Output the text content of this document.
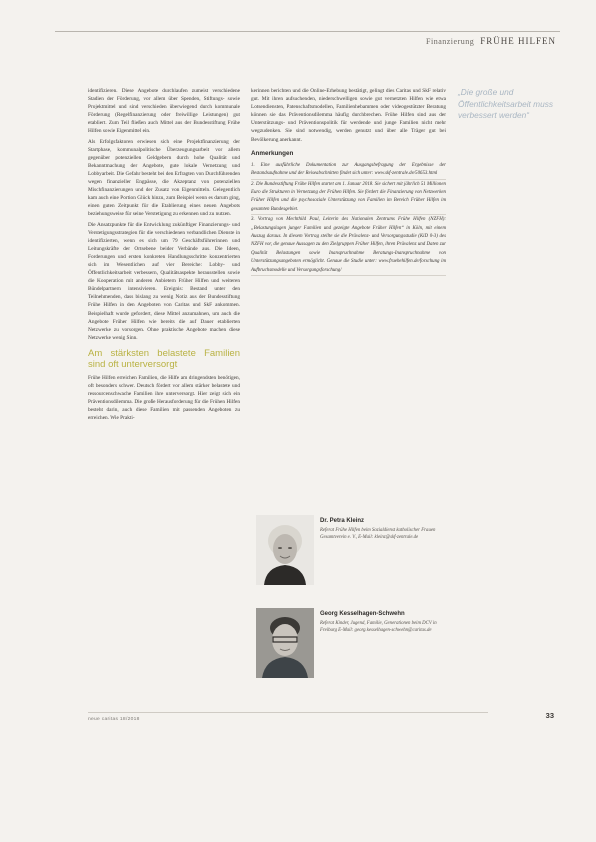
Finanzierung FRÜHE HILFEN

identifizieren. Diese Angebote durchlaufen zumeist verschiedene Stadien der Förderung, vor allem über Spenden, Stiftungs- sowie Projektmittel und sind verschieden überwiegend durch kommunale Förderung (Regelfinanzierung oder freiwillige Leistungen) gut etabliert. Zum Teil fließen auch Mittel aus der Bundesstiftung Frühe Hilfen sowie Eigenmittel ein.

Als Erfolgsfaktoren erwiesen sich eine Projektfinanzierung der Startphase, kommunalpolitische Überzeugungsarbeit vor allem gegenüber potenziellen Geldgebern durch hohe Qualität und Bekanntmachung der Angebote, gute lokale Vernetzung und Lobbyarbeit. Die Gefahr besteht bei den Erfragten von Durchführenden wegen finanzieller Engpässe, die Akzeptanz von potenziellen Mischfinanzierungen und der Zusatz von Eigenmitteln. Gelegentlich kam auch eine Portion Glück hinzu, zum Beispiel wenn es darum ging, einen guten Zeitpunkt für die Etablierung eines neuen Angebots beziehungsweise für seine Verstetigung zu erkennen und zu nutzen.

Die Ansatzpunkte für die Entwicklung zukünftiger Finanzierungs- und Verstetigungsstrategien für die verschiedenen verbandlichen Dienste in identifizierten, wenn es sich um 79 Geschäftsführerinnen und Leitungskräfte der Ortsebene beider Verbände aus. Die Ideen, Forderungen und ersten konkreten Handlungsschritte konzentrierten sich im Wesentlichen auf vier Bereiche: Lobby- und Öffentlichkeitsarbeit verbessern, Qualitätsaspekte herausstellen sowie die Kooperation mit anderen Anbietern Früher Hilfen und weiteren Bündelpartnern intensivieren. Ereignis: Bestand unter den Teilnehmenden, dass bislang zu wenig Notiz aus der Bundesstiftung Frühe Hilfen in den Angeboten von Caritas und SkF ankommen. Beispielhaft wurde gefordert, diese Mittel anzumahnen, um auch die Angebote Früher Hilfen wie bereits die auf Dauer etablierten Netzwerke zu vorsorgen. Ohne praktische Angebote machen diese Netzwerke wenig Sinn.

Am stärksten belastete Familien sind oft unterversorgt

Frühe Hilfen erreichen Familien, die Hilfe am dringendsten benötigen, oft besonders schwer. Deutsch fördert vor allem stärker belastete und ressourcenschwache Familien ihre unterversorgt. Hier zeigt sich ein Präventionsdilemma. Die große Herausforderung für die Frühen Hilfen besteht darin, auch diese Familien mit passenden Angeboten zu erreichen. Wie Prakti-

kerinnen berichten und die Online-Erhebung bestätigt, gelingt dies Caritas und SkF relativ gut. Mit ihren aufsuchenden, niederschwelligen sowie gut vernetzten Hilfen wie etwa Lotsendiensten, Patenschaftsmodellen, Familienhebammen oder videogestützter Beratung können sie das Präventionsdilemma häufig durchbrechen. Frühe Hilfen sind aus der Unterstützungs- und Präventionspolitik für werdende und junge Familien nicht mehr wegzudenken. Sie sind notwendig, werden genutzt und über alle Träger gut bei Bevölkerung anerkannt.

Anmerkungen

1. Eine ausführliche Dokumentation zur Ausgangsbefragung der Ergebnisse der Bestandsaufnahme und der Reiseabschnitten findet sich unter: www.skf-zentrale.de/50653.html

2. Die Bundesstiftung Frühe Hilfen startet am 1. Januar 2018. Sie sichert mit jährlich 51 Millionen Euro die Strukturen in Vernetzung der Frühen Hilfen. Sie fördert die Finanzierung von Netzwerken Früher Hilfen und die psychosoziale Unterstützung von Familien im Bereich Früher Hilfen im gesamten Bundesgebiet.

3. Vortrag von Mechthild Paul, Leiterin des Nationalen Zentrums Frühe Hilfen (NZFH): „Belastungslagen junger Familien und gezeigte Angebote Früher Hilfen“ in Köln, mit einem Auszug daraus. In diesem Vortrag stellte sie die Prävalenz- und Versorgungsstudie (KiD 0-3) des NZFH vor, die genaue Aussagen zu den Zielgruppen Früher Hilfen, ihren Prävalenz und Daten zur Qualität Belastungen sowie Inanspruchnahme Beratungs-Inanspruchnahme von Unterstützungsangeboten ermöglicht. Genaue die Studie unter: www.fruehehilfen.de/forschung im Aufbruchsmodelle und Versorgungsforschung/

„Die große und Öffentlichkeitsarbeit muss verbessert werden“
Dr. Petra Kleinz
Referat Frühe Hilfen beim Sozialdienst katholischer Frauen Gesamtverein e. V., E-Mail: kleinz@skf-zentrale.de
Georg Kesselhagen-Schwehn
Referat Kinder, Jugend, Familie, Generationen beim DCV in Freiburg E-Mail: georg.kesselhagen-schwehn@caritas.de
neue caritas 18/2018	33
